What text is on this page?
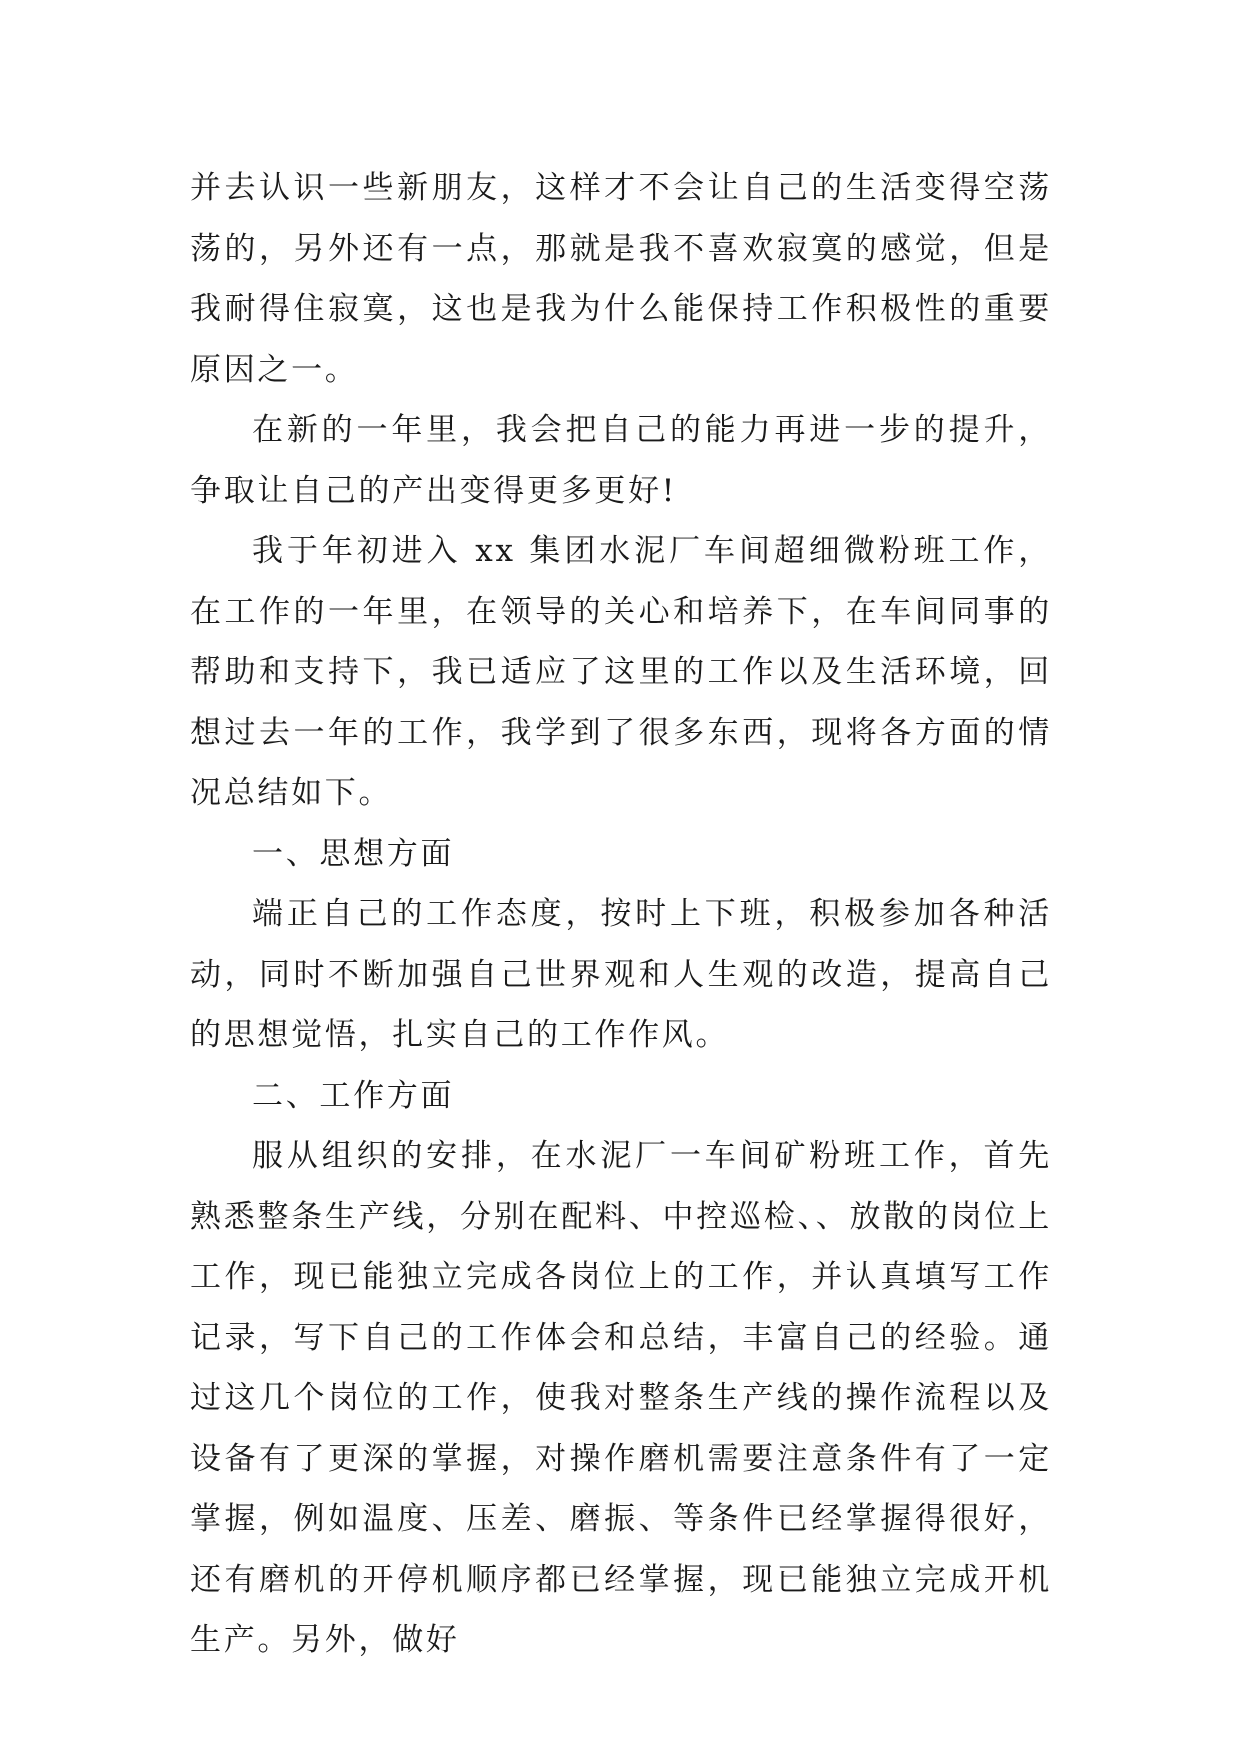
并去认识一些新朋友，这样才不会让自己的生活变得空荡荡的，另外还有一点，那就是我不喜欢寂寞的感觉，但是我耐得住寂寞，这也是我为什么能保持工作积极性的重要原因之一。

在新的一年里，我会把自己的能力再进一步的提升，争取让自己的产出变得更多更好!

我于年初进入 xx 集团水泥厂车间超细微粉班工作，在工作的一年里，在领导的关心和培养下，在车间同事的帮助和支持下，我已适应了这里的工作以及生活环境，回想过去一年的工作，我学到了很多东西，现将各方面的情况总结如下。

一、思想方面

端正自己的工作态度，按时上下班，积极参加各种活动，同时不断加强自己世界观和人生观的改造，提高自己的思想觉悟，扎实自己的工作作风。

二、工作方面

服从组织的安排，在水泥厂一车间矿粉班工作，首先熟悉整条生产线，分别在配料、中控巡检、、放散的岗位上工作，现已能独立完成各岗位上的工作，并认真填写工作记录，写下自己的工作体会和总结，丰富自己的经验。通过这几个岗位的工作，使我对整条生产线的操作流程以及设备有了更深的掌握，对操作磨机需要注意条件有了一定掌握，例如温度、压差、磨振、等条件已经掌握得很好，还有磨机的开停机顺序都已经掌握，现已能独立完成开机生产。另外，做好
